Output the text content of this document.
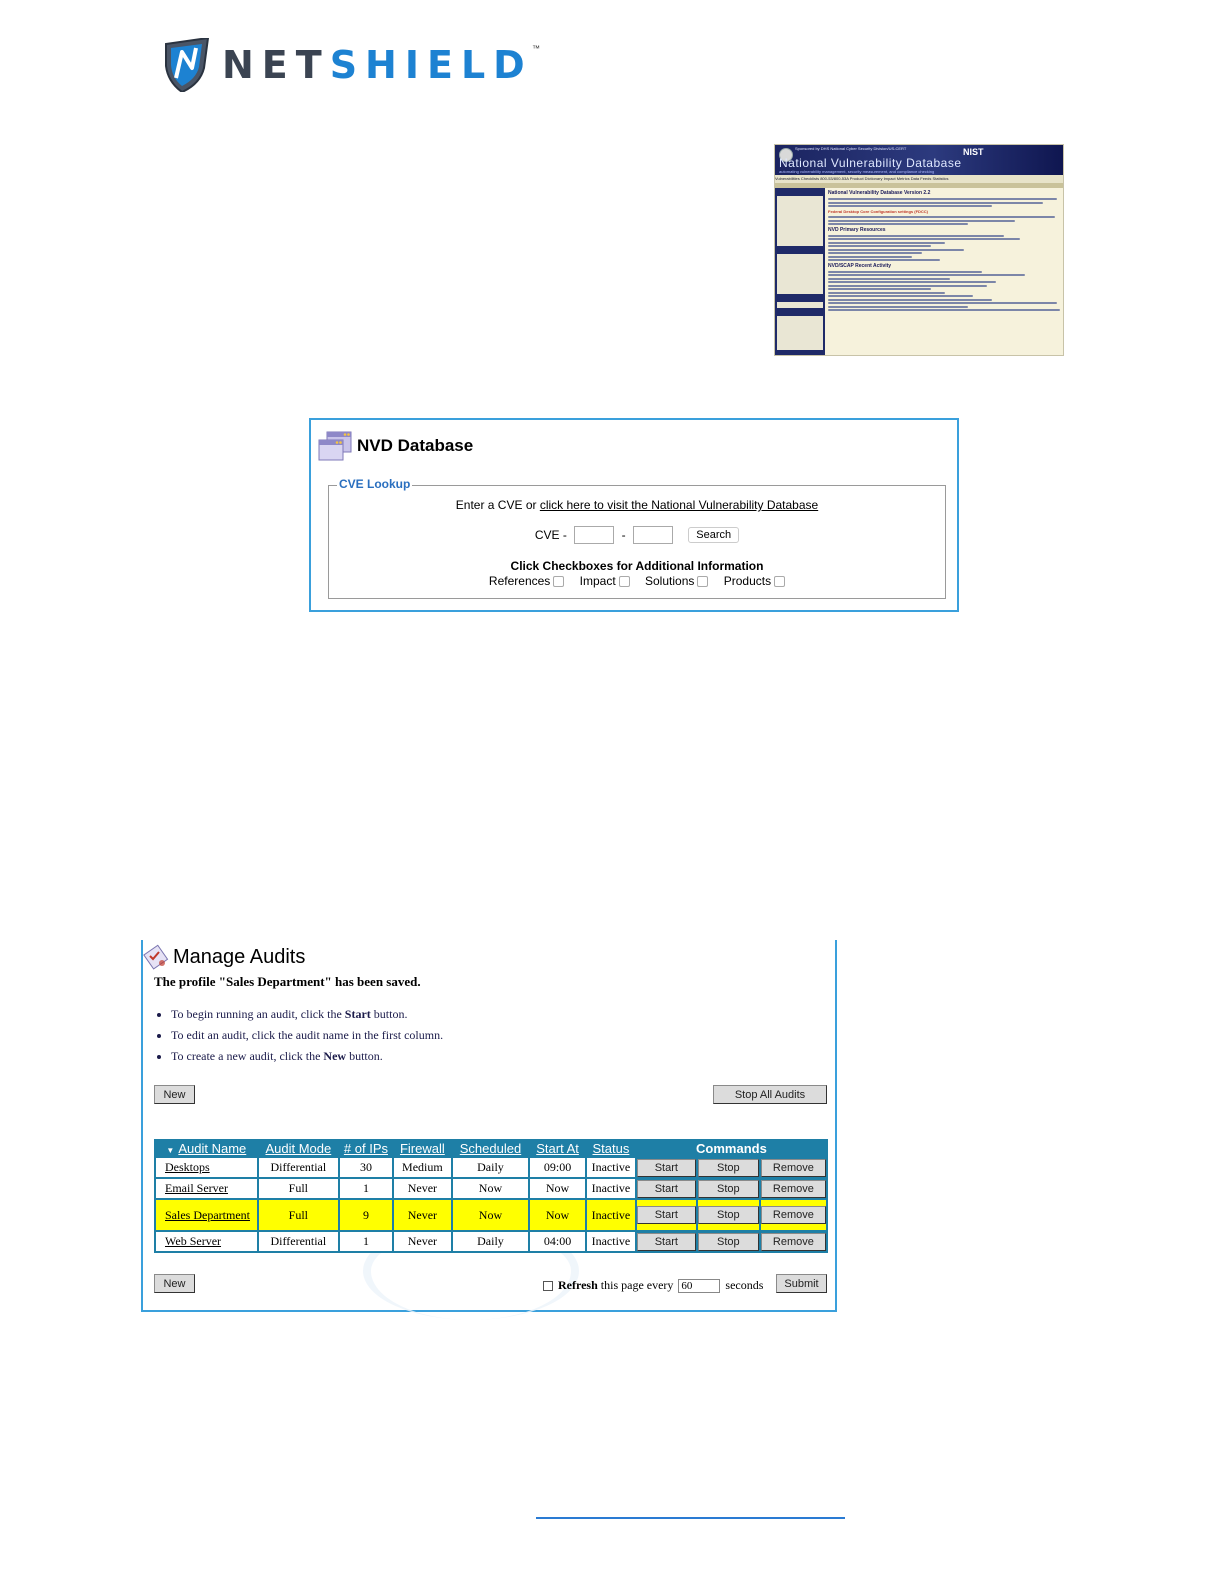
NETSHIELD ™
Sponsored by DHS National Cyber Security Division/US-CERT
National Vulnerability Database
automating vulnerability management, security measurement, and compliance checking
NIST
Vulnerabilities Checklists 800-53/800-53A Product Dictionary Impact Metrics Data Feeds Statistics
National Vulnerability Database Version 2.2
Federal Desktop Core Configuration settings (FDCC)
NVD Primary Resources
NVD/SCAP Recent Activity
NVD Database
CVE Lookup
Enter a CVE or click here to visit the National Vulnerability Database
CVE -	-	Search
Click Checkboxes for Additional Information
References Impact Solutions Products
Manage Audits
The profile "Sales Department" has been saved.
• To begin running an audit, click the Start button.
• To edit an audit, click the audit name in the first column.
• To create a new audit, click the New button.
New	Stop All Audits
▼ Audit Name	Audit Mode	# of IPs	Firewall	Scheduled	Start At	Status	Commands		
Desktops	Differential	30	Medium	Daily	09:00	Inactive	Start	Stop	Remove
Email Server	Full	1	Never	Now	Now	Inactive	Start	Stop	Remove
Sales Department	Full	9	Never	Now	Now	Inactive	Start	Stop	Remove
Web Server	Differential	1	Never	Daily	04:00	Inactive	Start	Stop	Remove
New	Refresh this page every 60	seconds	Submit
